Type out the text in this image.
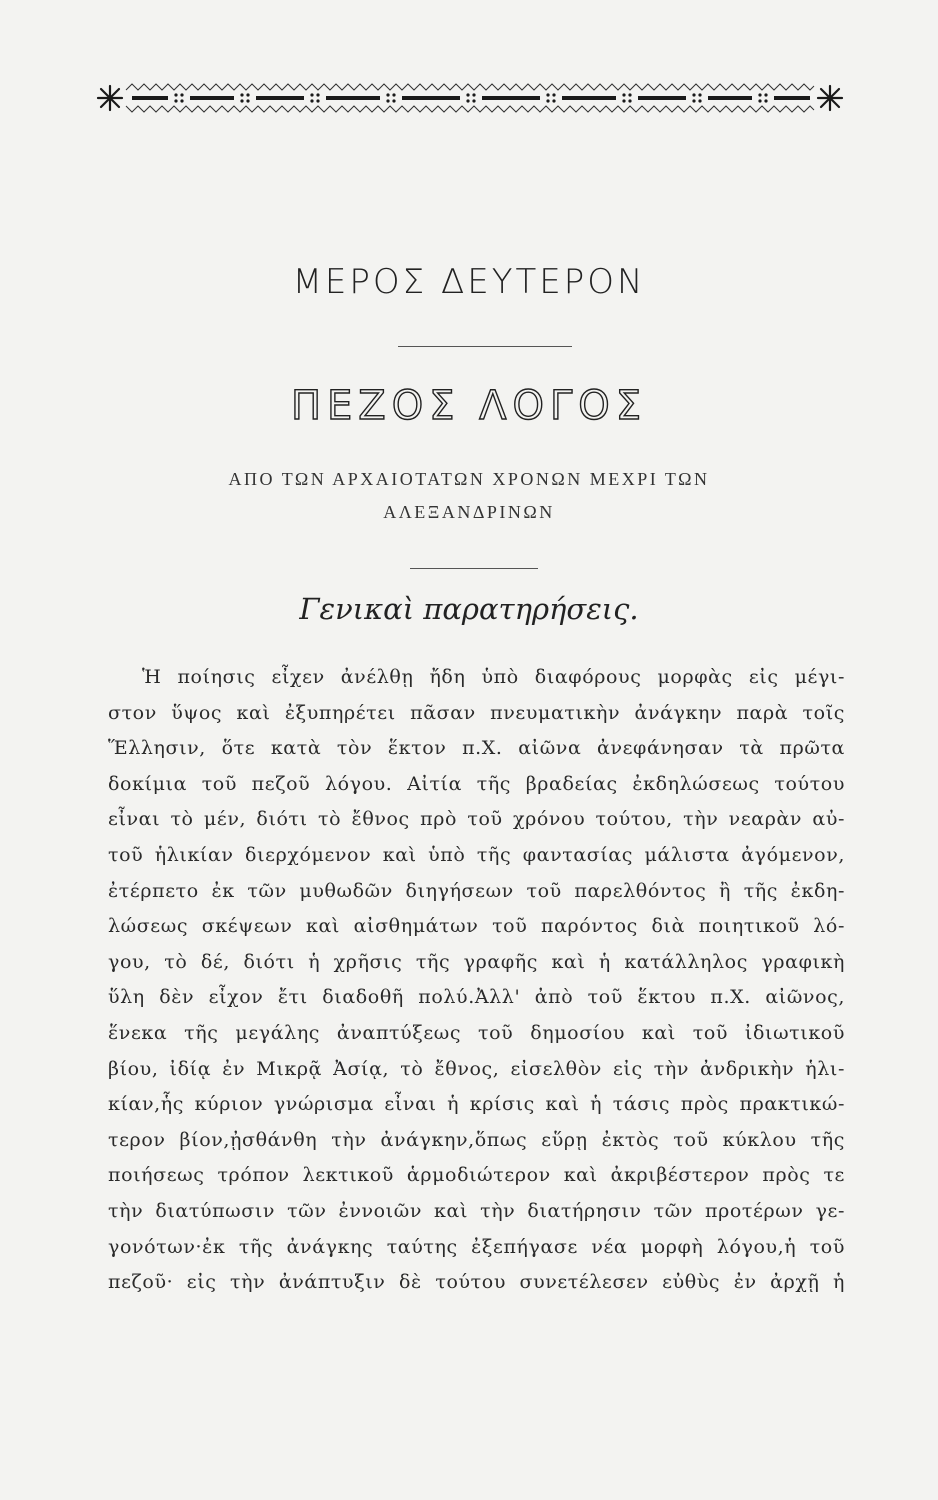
ΜΕΡΟΣ ΔΕΥΤΕΡΟΝ
ΠΕΖΟΣ ΛΟΓΟΣ
ΑΠΟ ΤΩΝ ΑΡΧΑΙΟΤΑΤΩΝ ΧΡΟΝΩΝ ΜΕΧΡΙ ΤΩΝ
ΑΛΕΞΑΝΔΡΙΝΩΝ
Γενικαὶ παρατηρήσεις.
Ἡ ποίησις εἶχεν ἀνέλθῃ ἤδη ὑπὸ διαφόρους μορφὰς εἰς μέγι-
στον ὕψος καὶ ἐξυπηρέτει πᾶσαν πνευματικὴν ἀνάγκην παρὰ τοῖς
Ἕλλησιν, ὅτε κατὰ τὸν ἕκτον π.Χ. αἰῶνα ἀνεφάνησαν τὰ πρῶτα
δοκίμια τοῦ πεζοῦ λόγου. Αἰτία τῆς βραδείας ἐκδηλώσεως τούτου
εἶναι τὸ μέν, διότι τὸ ἔθνος πρὸ τοῦ χρόνου τούτου, τὴν νεαρὰν αὐ-
τοῦ ἡλικίαν διερχόμενον καὶ ὑπὸ τῆς φαντασίας μάλιστα ἀγόμενον,
ἐτέρπετο ἐκ τῶν μυθωδῶν διηγήσεων τοῦ παρελθόντος ἢ τῆς ἐκδη-
λώσεως σκέψεων καὶ αἰσθημάτων τοῦ παρόντος διὰ ποιητικοῦ λό-
γου, τὸ δέ, διότι ἡ χρῆσις τῆς γραφῆς καὶ ἡ κατάλληλος γραφικὴ
ὕλη δὲν εἶχον ἔτι διαδοθῆ πολύ.Ἀλλ' ἀπὸ τοῦ ἕκτου π.Χ. αἰῶνος,
ἕνεκα τῆς μεγάλης ἀναπτύξεως τοῦ δημοσίου καὶ τοῦ ἰδιωτικοῦ
βίου, ἰδίᾳ ἐν Μικρᾷ Ἀσίᾳ, τὸ ἔθνος, εἰσελθὸν εἰς τὴν ἀνδρικὴν ἡλι-
κίαν,ἧς κύριον γνώρισμα εἶναι ἡ κρίσις καὶ ἡ τάσις πρὸς πρακτικώ-
τερον βίον,ᾐσθάνθη τὴν ἀνάγκην,ὅπως εὕρῃ ἐκτὸς τοῦ κύκλου τῆς
ποιήσεως τρόπον λεκτικοῦ ἁρμοδιώτερον καὶ ἀκριβέστερον πρὸς τε
τὴν διατύπωσιν τῶν ἐννοιῶν καὶ τὴν διατήρησιν τῶν προτέρων γε-
γονότων·ἐκ τῆς ἀνάγκης ταύτης ἐξεπήγασε νέα μορφὴ λόγου,ἡ τοῦ
πεζοῦ· εἰς τὴν ἀνάπτυξιν δὲ τούτου συνετέλεσεν εὐθὺς ἐν ἀρχῇ ἡ
